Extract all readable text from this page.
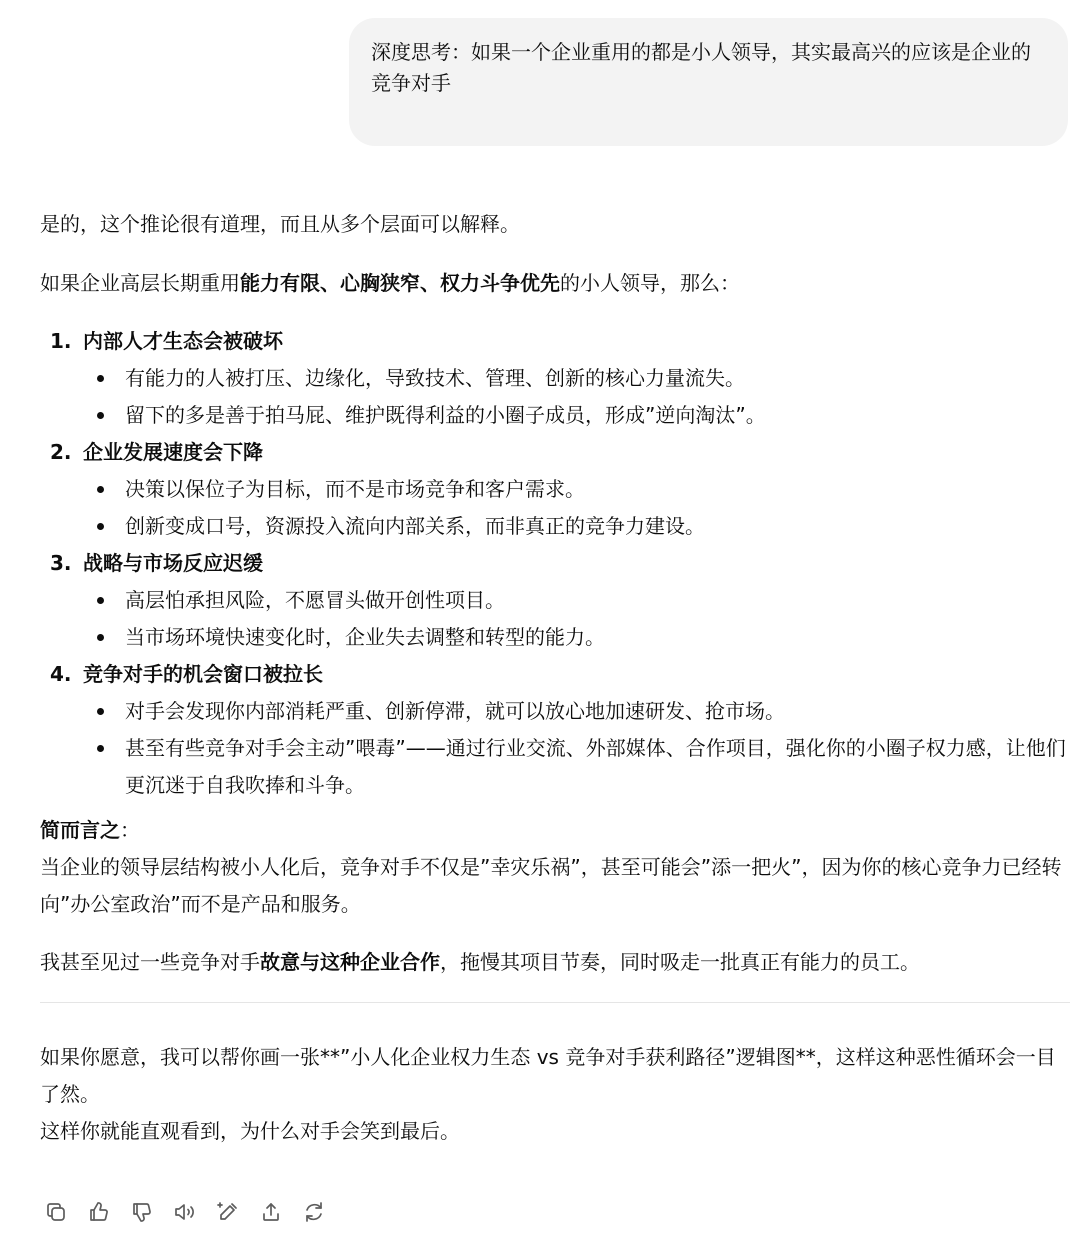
深度思考：如果一个企业重用的都是小人领导，其实最高兴的应该是企业的竞争对手

是的，这个推论很有道理，而且从多个层面可以解释。

如果企业高层长期重用能力有限、心胸狭窄、权力斗争优先的小人领导，那么：

1. 内部人才生态会被破坏
有能力的人被打压、边缘化，导致技术、管理、创新的核心力量流失。
留下的多是善于拍马屁、维护既得利益的小圈子成员，形成”逆向淘汰”。
2. 企业发展速度会下降
决策以保位子为目标，而不是市场竞争和客户需求。
创新变成口号，资源投入流向内部关系，而非真正的竞争力建设。
3. 战略与市场反应迟缓
高层怕承担风险，不愿冒头做开创性项目。
当市场环境快速变化时，企业失去调整和转型的能力。
4. 竞争对手的机会窗口被拉长
对手会发现你内部消耗严重、创新停滞，就可以放心地加速研发、抢市场。
甚至有些竞争对手会主动”喂毒”——通过行业交流、外部媒体、合作项目，强化你的小圈子权力感，让他们更沉迷于自我吹捧和斗争。
简而言之：

当企业的领导层结构被小人化后，竞争对手不仅是”幸灾乐祸”，甚至可能会”添一把火”，因为你的核心竞争力已经转向”办公室政治”而不是产品和服务。

我甚至见过一些竞争对手故意与这种企业合作，拖慢其项目节奏，同时吸走一批真正有能力的员工。

如果你愿意，我可以帮你画一张**”小人化企业权力生态 vs 竞争对手获利路径”逻辑图**，这样这种恶性循环会一目了然。

这样你就能直观看到，为什么对手会笑到最后。
